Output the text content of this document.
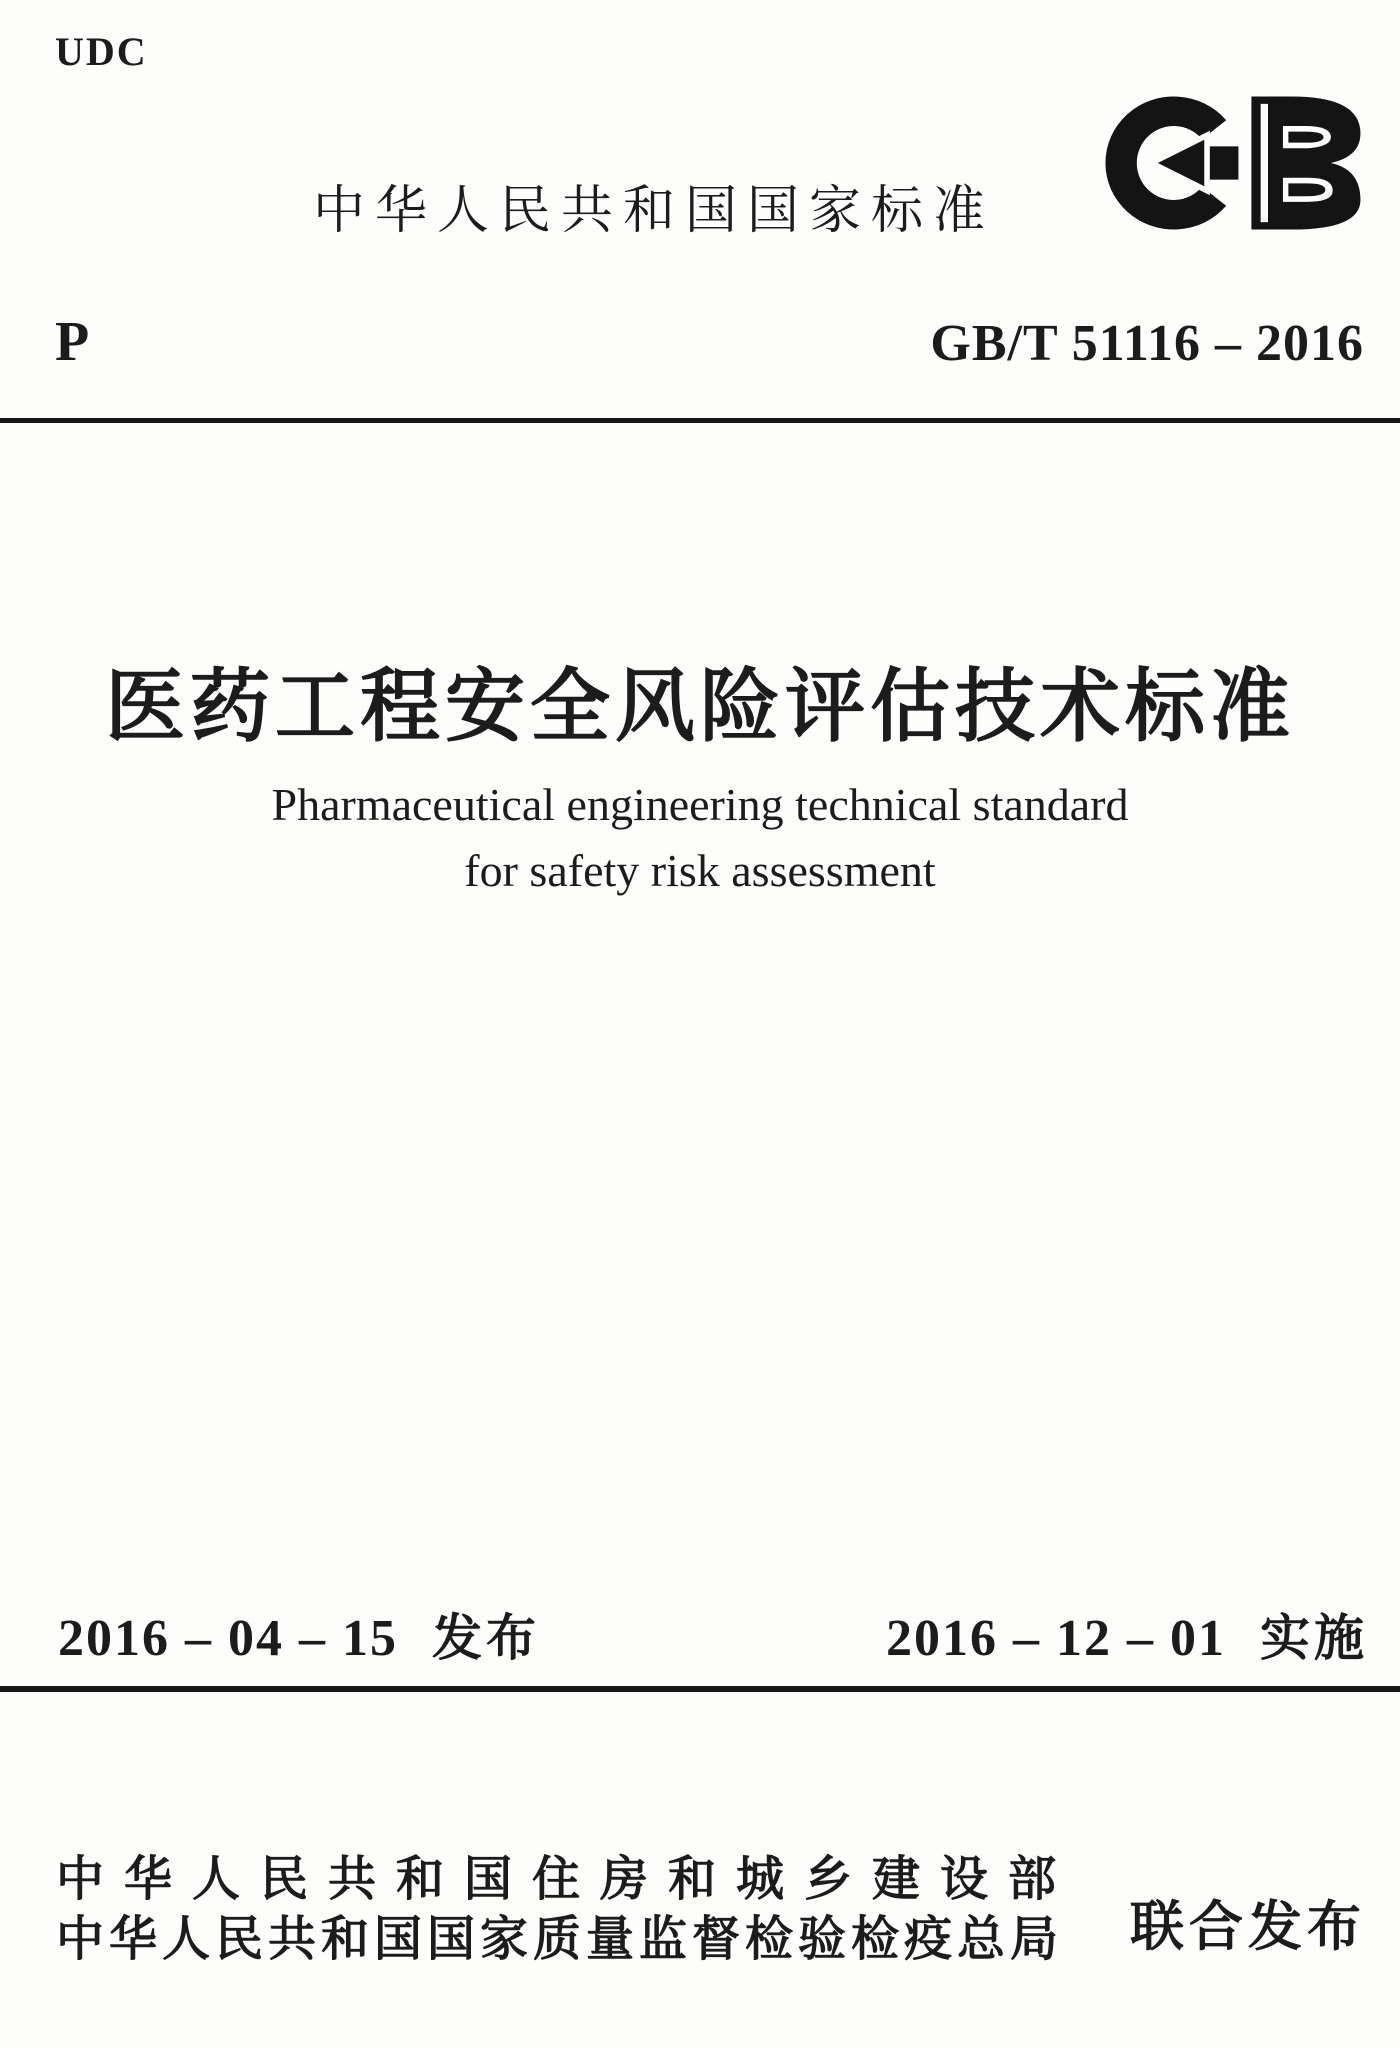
UDC
中华人民共和国国家标准
P	GB/T 51116 – 2016
医药工程安全风险评估技术标准
Pharmaceutical engineering technical standard
for safety risk assessment
2016 – 04 – 15 发布	2016 – 12 – 01 实施
中华人民共和国住房和城乡建设部
中华人民共和国国家质量监督检验检疫总局	联合发布
